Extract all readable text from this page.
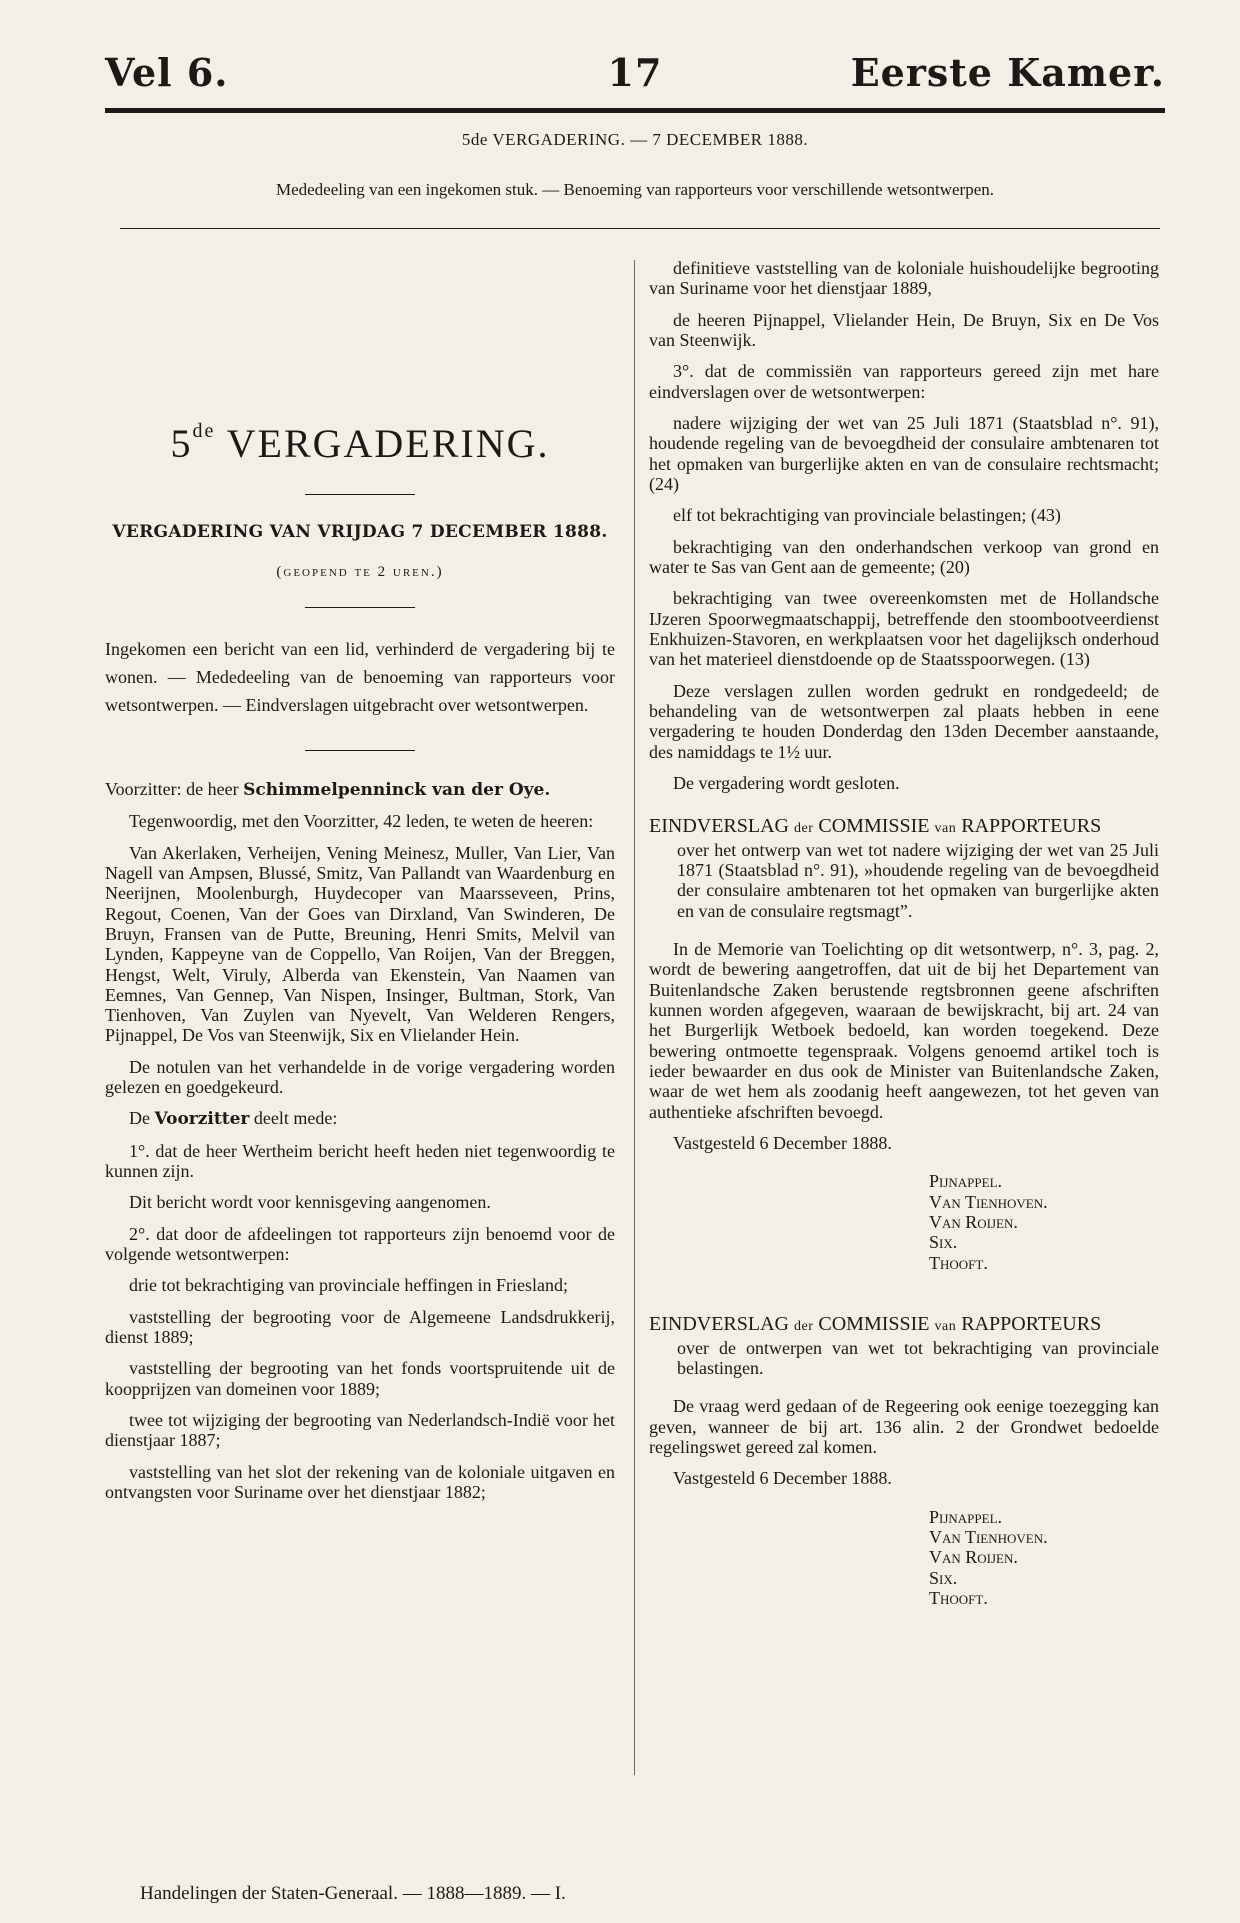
Vel 6.	17	Eerste Kamer.
5de VERGADERING. — 7 DECEMBER 1888.
Mededeeling van een ingekomen stuk. — Benoeming van rapporteurs voor verschillende wetsontwerpen.
5de VERGADERING.
VERGADERING VAN VRIJDAG 7 DECEMBER 1888.
(geopend te 2 uren.)
Ingekomen een bericht van een lid, verhinderd de vergadering bij te wonen. — Mededeeling van de benoeming van rapporteurs voor wetsontwerpen. — Eindverslagen uitgebracht over wetsontwerpen.

Voorzitter: de heer Schimmelpenninck van der Oye.

Tegenwoordig, met den Voorzitter, 42 leden, te weten de heeren:

Van Akerlaken, Verheijen, Vening Meinesz, Muller, Van Lier, Van Nagell van Ampsen, Blussé, Smitz, Van Pallandt van Waardenburg en Neerijnen, Moolenburgh, Huydecoper van Maarsseveen, Prins, Regout, Coenen, Van der Goes van Dirxland, Van Swinderen, De Bruyn, Fransen van de Putte, Breuning, Henri Smits, Melvil van Lynden, Kappeyne van de Coppello, Van Roijen, Van der Breggen, Hengst, Welt, Viruly, Alberda van Ekenstein, Van Naamen van Eemnes, Van Gennep, Van Nispen, Insinger, Bultman, Stork, Van Tienhoven, Van Zuylen van Nyevelt, Van Welderen Rengers, Pijnappel, De Vos van Steenwijk, Six en Vlielander Hein.

De notulen van het verhandelde in de vorige vergadering worden gelezen en goedgekeurd.

De Voorzitter deelt mede:

1°. dat de heer Wertheim bericht heeft heden niet tegenwoordig te kunnen zijn.

Dit bericht wordt voor kennisgeving aangenomen.

2°. dat door de afdeelingen tot rapporteurs zijn benoemd voor de volgende wetsontwerpen:

drie tot bekrachtiging van provinciale heffingen in Friesland;

vaststelling der begrooting voor de Algemeene Landsdrukkerij, dienst 1889;

vaststelling der begrooting van het fonds voortspruitende uit de koopprijzen van domeinen voor 1889;

twee tot wijziging der begrooting van Nederlandsch-Indië voor het dienstjaar 1887;

vaststelling van het slot der rekening van de koloniale uitgaven en ontvangsten voor Suriname over het dienstjaar 1882;

definitieve vaststelling van de koloniale huishoudelijke begrooting van Suriname voor het dienstjaar 1889,

de heeren Pijnappel, Vlielander Hein, De Bruyn, Six en De Vos van Steenwijk.

3°. dat de commissiën van rapporteurs gereed zijn met hare eindverslagen over de wetsontwerpen:

nadere wijziging der wet van 25 Juli 1871 (Staatsblad n°. 91), houdende regeling van de bevoegdheid der consulaire ambtenaren tot het opmaken van burgerlijke akten en van de consulaire rechtsmacht; (24)

elf tot bekrachtiging van provinciale belastingen; (43)

bekrachtiging van den onderhandschen verkoop van grond en water te Sas van Gent aan de gemeente; (20)

bekrachtiging van twee overeenkomsten met de Hollandsche IJzeren Spoorwegmaatschappij, betreffende den stoombootveerdienst Enkhuizen-Stavoren, en werkplaatsen voor het dagelijksch onderhoud van het materieel dienstdoende op de Staatsspoorwegen. (13)

Deze verslagen zullen worden gedrukt en rondgedeeld; de behandeling van de wetsontwerpen zal plaats hebben in eene vergadering te houden Donderdag den 13den December aanstaande, des namiddags te 1½ uur.

De vergadering wordt gesloten.

EINDVERSLAG der COMMISSIE van RAPPORTEURS

over het ontwerp van wet tot nadere wijziging der wet van 25 Juli 1871 (Staatsblad n°. 91), »houdende regeling van de bevoegdheid der consulaire ambtenaren tot het opmaken van burgerlijke akten en van de consulaire regtsmagt”.

In de Memorie van Toelichting op dit wetsontwerp, n°. 3, pag. 2, wordt de bewering aangetroffen, dat uit de bij het Departement van Buitenlandsche Zaken berustende regtsbronnen geene afschriften kunnen worden afgegeven, waaraan de bewijskracht, bij art. 24 van het Burgerlijk Wetboek bedoeld, kan worden toegekend. Deze bewering ontmoette tegenspraak. Volgens genoemd artikel toch is ieder bewaarder en dus ook de Minister van Buitenlandsche Zaken, waar de wet hem als zoodanig heeft aangewezen, tot het geven van authentieke afschriften bevoegd.

Vastgesteld 6 December 1888.

Pijnappel.
Van Tienhoven.
Van Roijen.
Six.
Thooft.

EINDVERSLAG der COMMISSIE van RAPPORTEURS

over de ontwerpen van wet tot bekrachtiging van provinciale belastingen.

De vraag werd gedaan of de Regeering ook eenige toezegging kan geven, wanneer de bij art. 136 alin. 2 der Grondwet bedoelde regelingswet gereed zal komen.

Vastgesteld 6 December 1888.

Pijnappel.
Van Tienhoven.
Van Roijen.
Six.
Thooft.
Handelingen der Staten-Generaal. — 1888—1889. — I.
